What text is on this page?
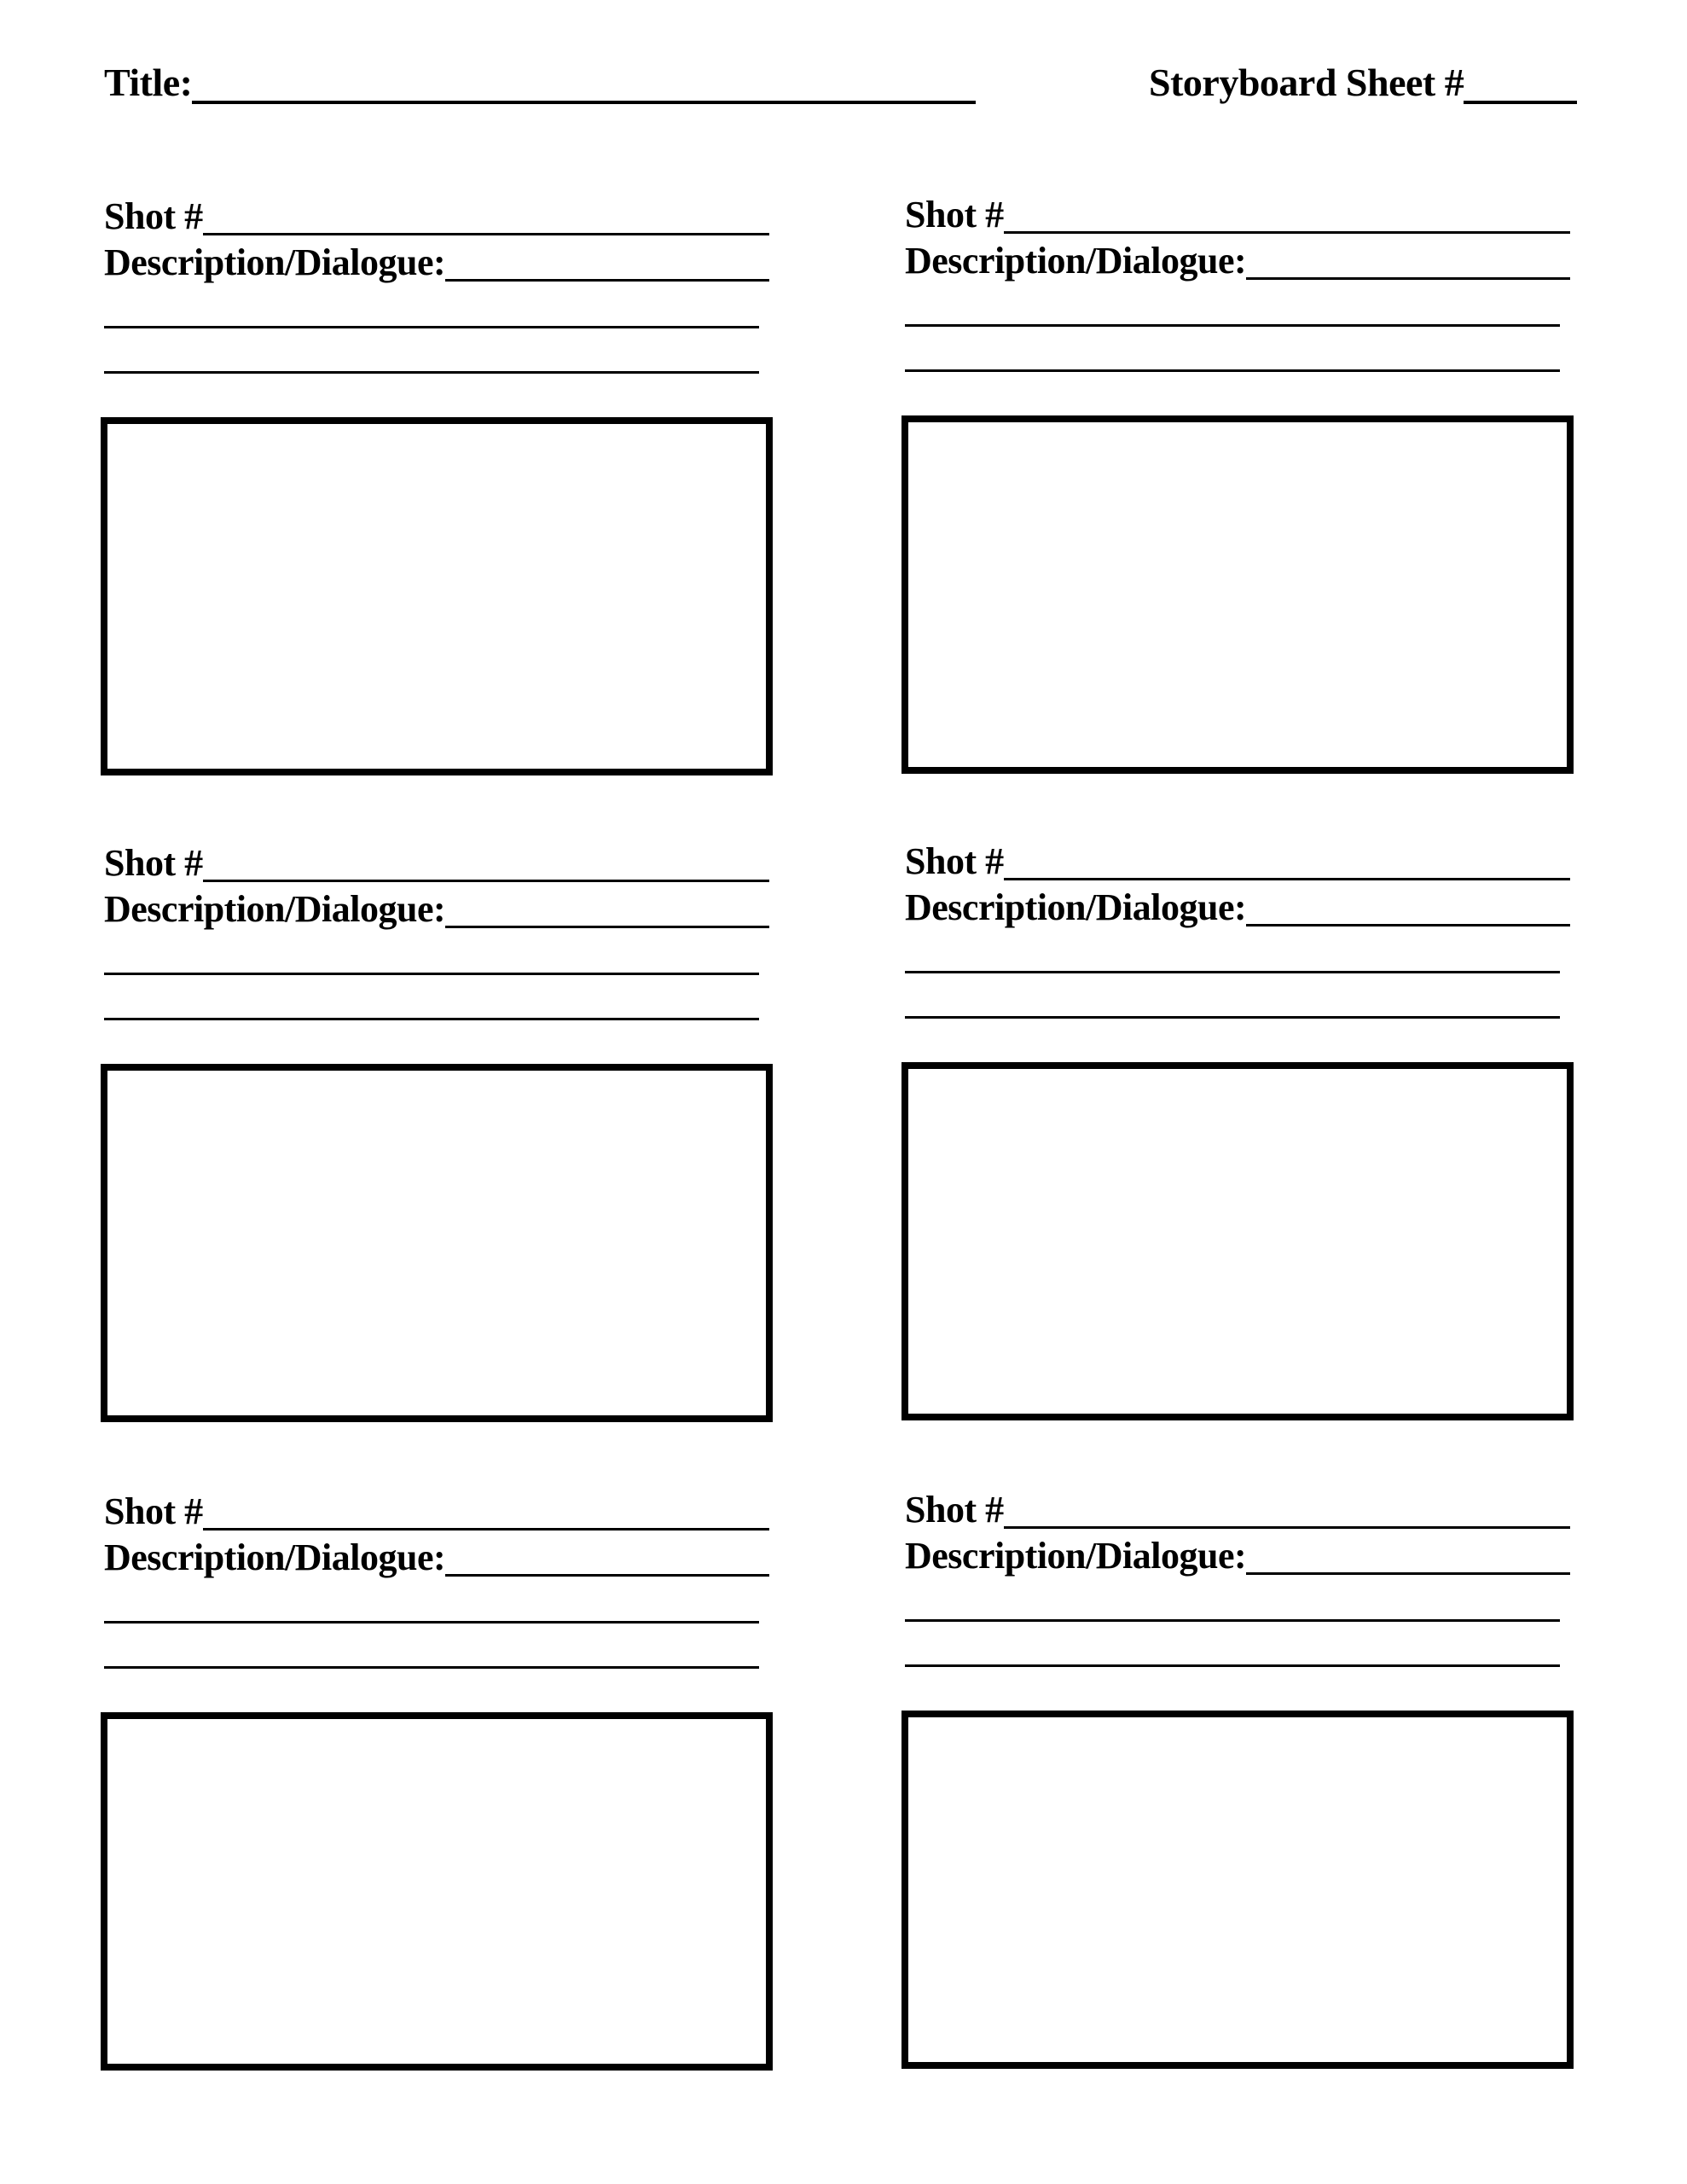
Title:	Storyboard Sheet #
Shot #
Description/Dialogue:
Shot #
Description/Dialogue:
Shot #
Description/Dialogue:
Shot #
Description/Dialogue:
Shot #
Description/Dialogue:
Shot #
Description/Dialogue:
